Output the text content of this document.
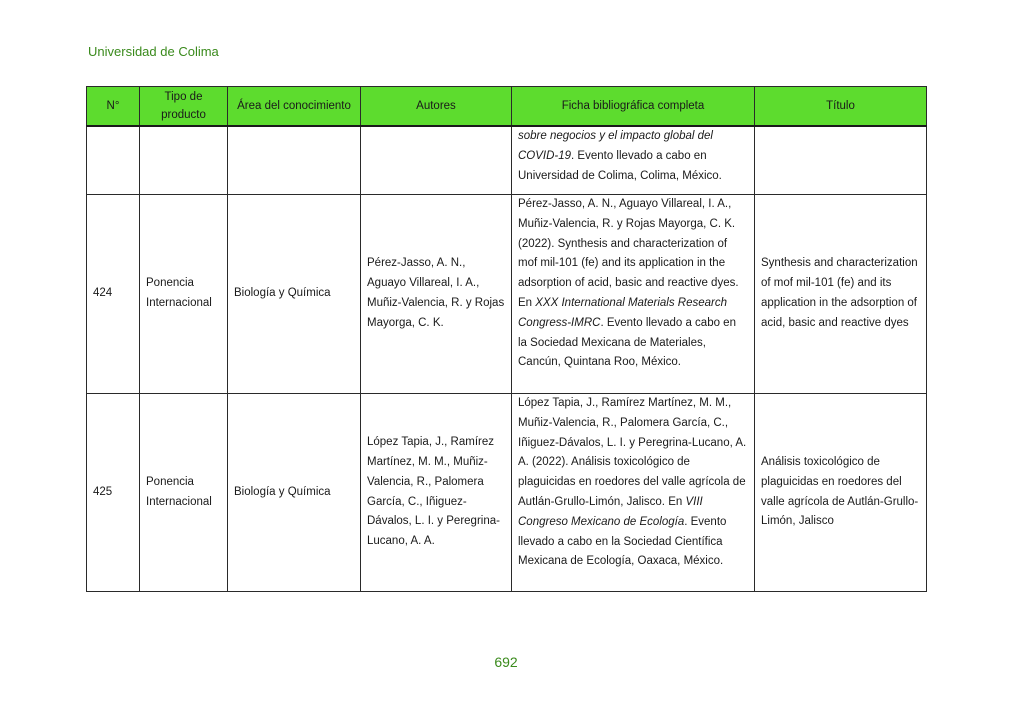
Universidad de Colima
N°	Tipo de producto	Área del conocimiento	Autores	Ficha bibliográfica completa	Título
				sobre negocios y el impacto global del COVID-19. Evento llevado a cabo en Universidad de Colima, Colima, México.	
424	Ponencia Internacional	Biología y Química	Pérez-Jasso, A. N., Aguayo Villareal, I. A., Muñiz-Valencia, R. y Rojas Mayorga, C. K.	Pérez-Jasso, A. N., Aguayo Villareal, I. A., Muñiz-Valencia, R. y Rojas Mayorga, C. K. (2022). Synthesis and characterization of mof mil-101 (fe) and its application in the adsorption of acid, basic and reactive dyes. En XXX International Materials Research Congress-IMRC. Evento llevado a cabo en la Sociedad Mexicana de Materiales, Cancún, Quintana Roo, México.	Synthesis and characterization of mof mil-101 (fe) and its application in the adsorption of acid, basic and reactive dyes
425	Ponencia Internacional	Biología y Química	López Tapia, J., Ramírez Martínez, M. M., Muñiz-Valencia, R., Palomera García, C., Iñiguez-Dávalos, L. I. y Peregrina-Lucano, A. A.	López Tapia, J., Ramírez Martínez, M. M., Muñiz-Valencia, R., Palomera García, C., Iñiguez-Dávalos, L. I. y Peregrina-Lucano, A. A. (2022). Análisis toxicológico de plaguicidas en roedores del valle agrícola de Autlán-Grullo-Limón, Jalisco. En VIII Congreso Mexicano de Ecología. Evento llevado a cabo en la Sociedad Científica Mexicana de Ecología, Oaxaca, México.	Análisis toxicológico de plaguicidas en roedores del valle agrícola de Autlán-Grullo-Limón, Jalisco
692
